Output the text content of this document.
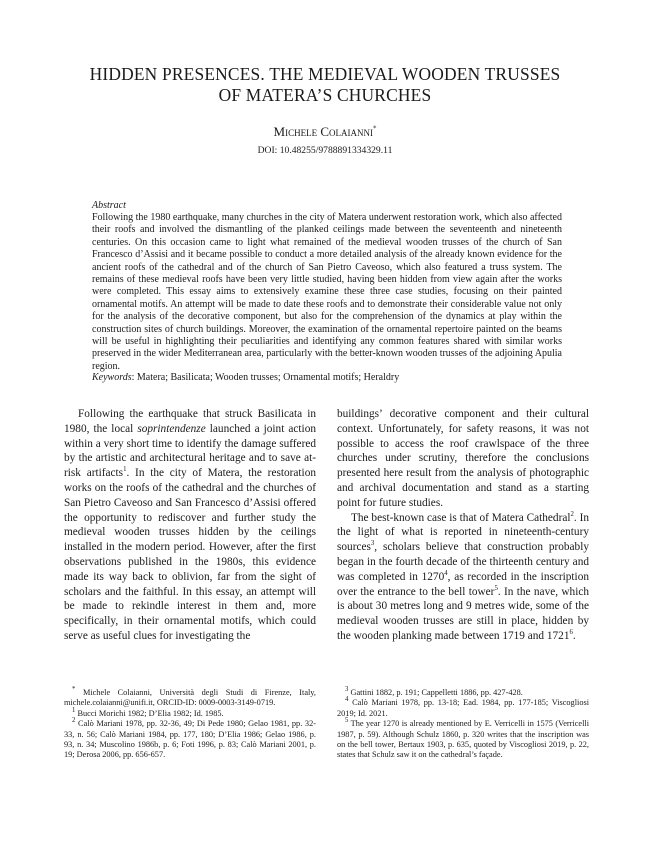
HIDDEN PRESENCES. THE MEDIEVAL WOODEN TRUSSES
OF MATERA’S CHURCHES
Michele Colaianni*
DOI: 10.48255/9788891334329.11
Abstract

Following the 1980 earthquake, many churches in the city of Matera underwent restoration work, which also affected their roofs and involved the dismantling of the planked ceilings made between the seventeenth and nineteenth centuries. On this occasion came to light what remained of the medieval wooden trusses of the church of San Francesco d’Assisi and it became possible to conduct a more detailed analysis of the already known evidence for the ancient roofs of the cathedral and of the church of San Pietro Caveoso, which also featured a truss system. The remains of these medieval roofs have been very little studied, having been hidden from view again after the works were completed. This essay aims to extensively examine these three case studies, focusing on their painted ornamental motifs. An attempt will be made to date these roofs and to demonstrate their considerable value not only for the analysis of the decorative component, but also for the comprehension of the dynamics at play within the construction sites of church buildings. Moreover, the examination of the ornamental repertoire painted on the beams will be useful in highlighting their peculiarities and identifying any common features shared with similar works preserved in the wider Mediterranean area, particularly with the better-known wooden trusses of the adjoining Apulia region.

Keywords: Matera; Basilicata; Wooden trusses; Ornamental motifs; Heraldry

Following the earthquake that struck Basilicata in 1980, the local soprintendenze launched a joint action within a very short time to identify the damage suffered by the artistic and architectural heritage and to save at-risk artifacts$^1$. In the city of Matera, the restoration works on the roofs of the cathedral and the churches of San Pietro Caveoso and San Francesco d’Assisi offered the opportunity to rediscover and further study the medieval wooden trusses hidden by the ceilings installed in the modern period. However, after the first observations published in the 1980s, this evidence made its way back to oblivion, far from the sight of scholars and the faithful. In this essay, an attempt will be made to rekindle interest in them and, more specifically, in their ornamental motifs, which could serve as useful clues for investigating the

buildings’ decorative component and their cultural context. Unfortunately, for safety reasons, it was not possible to access the roof crawlspace of the three churches under scrutiny, therefore the conclusions presented here result from the analysis of photographic and archival documentation and stand as a starting point for future studies.

The best-known case is that of Matera Cathedral$^2$. In the light of what is reported in nineteenth-century sources$^3$, scholars believe that construction probably began in the fourth decade of the thirteenth century and was completed in 1270$^4$, as recorded in the inscription over the entrance to the bell tower$^5$. In the nave, which is about 30 metres long and 9 metres wide, some of the medieval wooden trusses are still in place, hidden by the wooden planking made between 1719 and 1721$^6$.

* Michele Colaianni, Università degli Studi di Firenze, Italy, michele.colaianni@unifi.it, ORCID-ID: 0009-0003-3149-0719.

$^1$ Bucci Morichi 1982; D’Elia 1982; Id. 1985.

$^2$ Calò Mariani 1978, pp. 32-36, 49; Di Pede 1980; Gelao 1981, pp. 32-33, n. 56; Calò Mariani 1984, pp. 177, 180; D’Elia 1986; Gelao 1986, p. 93, n. 34; Muscolino 1986b, p. 6; Foti 1996, p. 83; Calò Mariani 2001, p. 19; Derosa 2006, pp. 656-657.

$^3$ Gattini 1882, p. 191; Cappelletti 1886, pp. 427-428.

$^4$ Calò Mariani 1978, pp. 13-18; Ead. 1984, pp. 177-185; Viscogliosi 2019; Id. 2021.

$^5$ The year 1270 is already mentioned by E. Verricelli in 1575 (Verricelli 1987, p. 59). Although Schulz 1860, p. 320 writes that the inscription was on the bell tower, Bertaux 1903, p. 635, quoted by Viscogliosi 2019, p. 22, states that Schulz saw it on the cathedral’s façade.
